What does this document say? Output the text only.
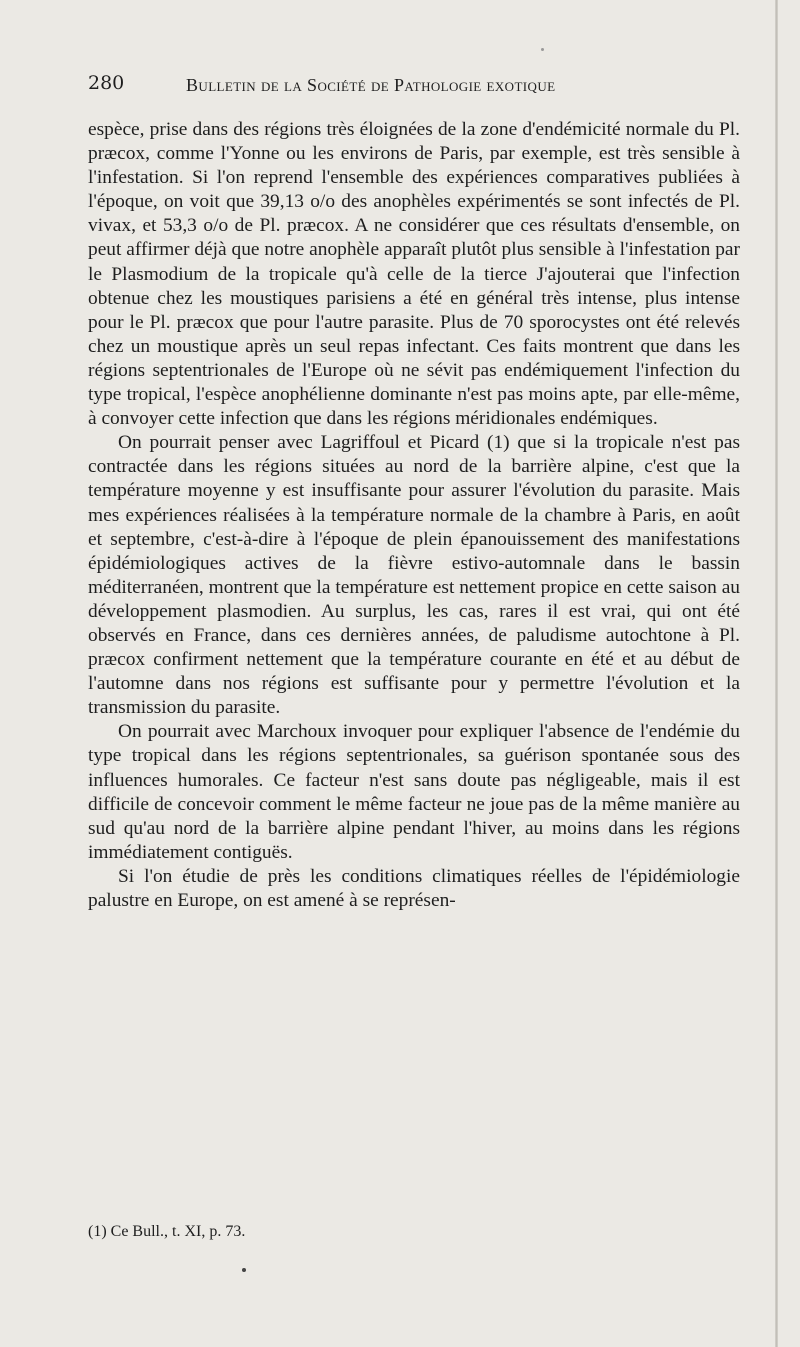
280	Bulletin de la Société de Pathologie exotique

espèce, prise dans des régions très éloignées de la zone d'endémicité normale du Pl. præcox, comme l'Yonne ou les environs de Paris, par exemple, est très sensible à l'infestation. Si l'on reprend l'ensemble des expériences comparatives publiées à l'époque, on voit que 39,13 o/o des anophèles expérimentés se sont infectés de Pl. vivax, et 53,3 o/o de Pl. præcox. A ne considérer que ces résultats d'ensemble, on peut affirmer déjà que notre anophèle apparaît plutôt plus sensible à l'infestation par le Plasmodium de la tropicale qu'à celle de la tierce J'ajouterai que l'infection obtenue chez les moustiques parisiens a été en général très intense, plus intense pour le Pl. præcox que pour l'autre parasite. Plus de 70 sporocystes ont été relevés chez un moustique après un seul repas infectant. Ces faits montrent que dans les régions septentrionales de l'Europe où ne sévit pas endémiquement l'infection du type tropical, l'espèce anophélienne dominante n'est pas moins apte, par elle-même, à convoyer cette infection que dans les régions méridionales endémiques.

On pourrait penser avec Lagriffoul et Picard (1) que si la tropicale n'est pas contractée dans les régions situées au nord de la barrière alpine, c'est que la température moyenne y est insuffisante pour assurer l'évolution du parasite. Mais mes expériences réalisées à la température normale de la chambre à Paris, en août et septembre, c'est-à-dire à l'époque de plein épanouissement des manifestations épidémiologiques actives de la fièvre estivo-automnale dans le bassin méditerranéen, montrent que la température est nettement propice en cette saison au développement plasmodien. Au surplus, les cas, rares il est vrai, qui ont été observés en France, dans ces dernières années, de paludisme autochtone à Pl. præcox confirment nettement que la température courante en été et au début de l'automne dans nos régions est suffisante pour y permettre l'évolution et la transmission du parasite.

On pourrait avec Marchoux invoquer pour expliquer l'absence de l'endémie du type tropical dans les régions septentrionales, sa guérison spontanée sous des influences humorales. Ce facteur n'est sans doute pas négligeable, mais il est difficile de concevoir comment le même facteur ne joue pas de la même manière au sud qu'au nord de la barrière alpine pendant l'hiver, au moins dans les régions immédiatement contiguës.

Si l'on étudie de près les conditions climatiques réelles de l'épidémiologie palustre en Europe, on est amené à se représen-

(1) Ce Bull., t. XI, p. 73.
